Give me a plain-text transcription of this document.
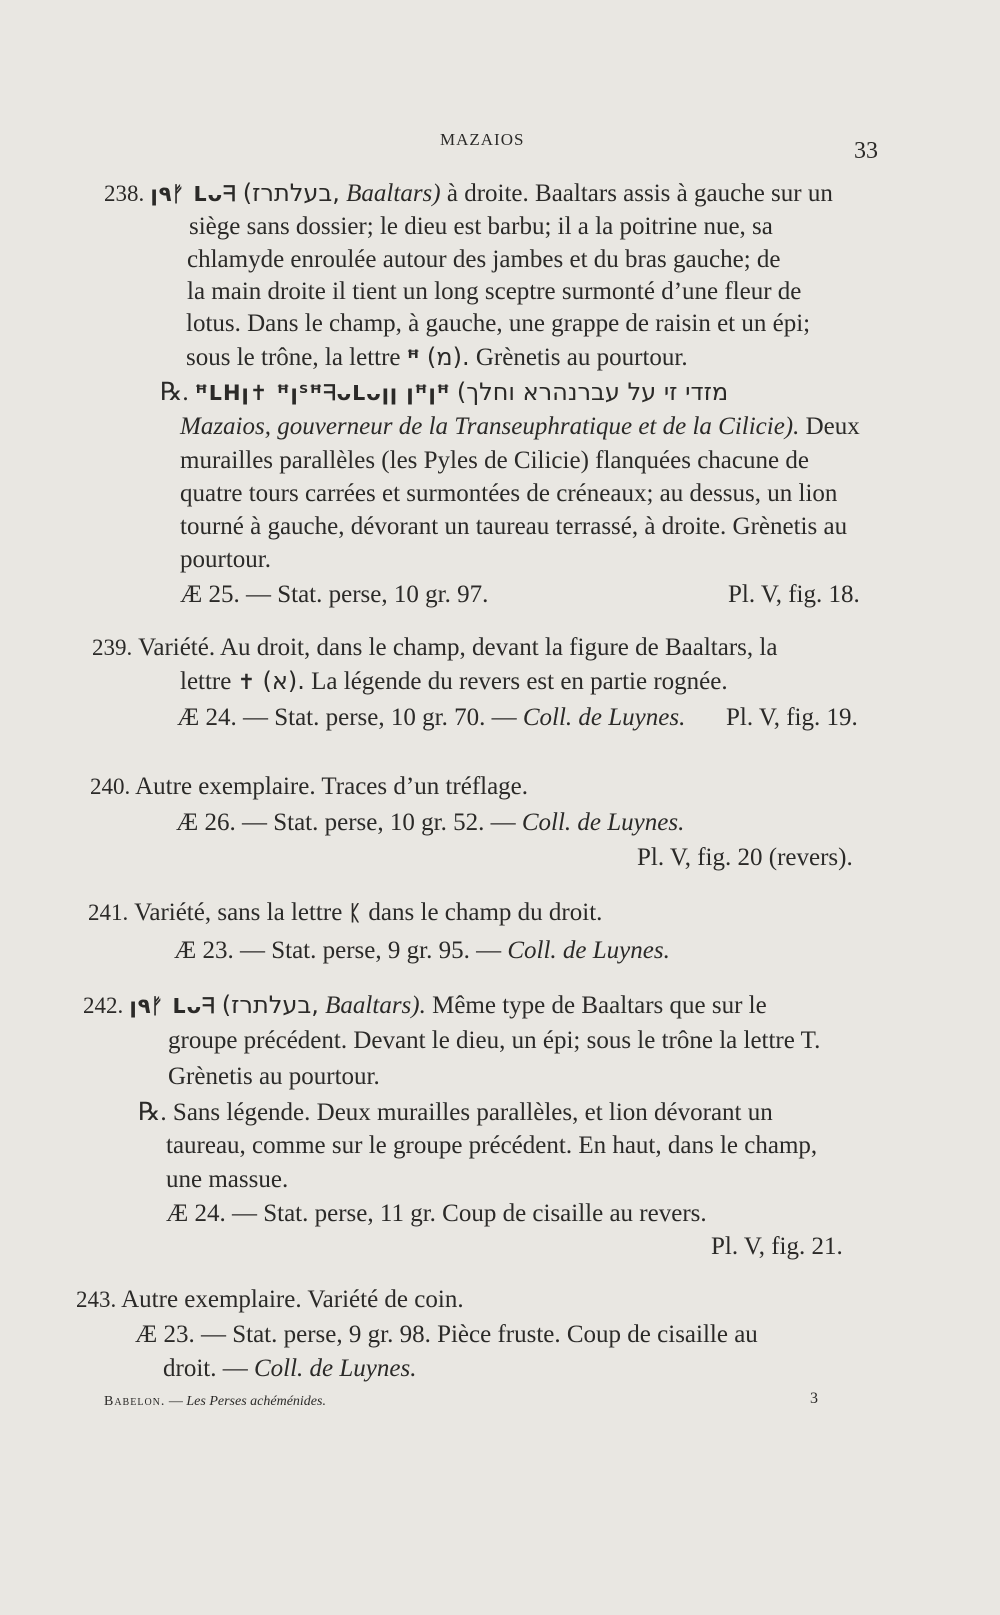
MAZAIOS	33
238. ꞁ٩ᚠ ᒪᴗᖷ (בעלתרז, Baaltars) à droite. Baaltars assis à gauche sur un
siège sans dossier; le dieu est barbu; il a la poitrine nue, sa
chlamyde enroulée autour des jambes et du bras gauche; de
la main droite il tient un long sceptre surmonté d’une fleur de
lotus. Dans le champ, à gauche, une grappe de raisin et un épi;
sous le trône, la lettre ꟸ (מ). Grènetis au pourtour.
℞. ꟸᒪHꞁ✝ ꟸꞁᔆꟸᖷᴗᒪᴗꞁꞁ ꞁꟸꞁꟸ (מזדי זי על עברנהרא וחלך
Mazaios, gouverneur de la Transeuphratique et de la Cilicie). Deux
murailles parallèles (les Pyles de Cilicie) flanquées chacune de
quatre tours carrées et surmontées de créneaux; au dessus, un lion
tourné à gauche, dévorant un taureau terrassé, à droite. Grènetis au
pourtour.
Æ 25. — Stat. perse, 10 gr. 97.	Pl. V, fig. 18.
239. Variété. Au droit, dans le champ, devant la figure de Baaltars, la
lettre ✝ (א). La légende du revers est en partie rognée.
Æ 24. — Stat. perse, 10 gr. 70. — Coll. de Luynes. Pl. V, fig. 19.
240. Autre exemplaire. Traces d’un tréflage.
Æ 26. — Stat. perse, 10 gr. 52. — Coll. de Luynes.
Pl. V, fig. 20 (revers).
241. Variété, sans la lettre ᛕ dans le champ du droit.
Æ 23. — Stat. perse, 9 gr. 95. — Coll. de Luynes.
242. ꞁ٩ᚠ ᒪᴗᖷ (בעלתרז, Baaltars). Même type de Baaltars que sur le
groupe précédent. Devant le dieu, un épi; sous le trône la lettre T.
Grènetis au pourtour.
℞. Sans légende. Deux murailles parallèles, et lion dévorant un
taureau, comme sur le groupe précédent. En haut, dans le champ,
une massue.
Æ 24. — Stat. perse, 11 gr. Coup de cisaille au revers.
Pl. V, fig. 21.
243. Autre exemplaire. Variété de coin.
Æ 23. — Stat. perse, 9 gr. 98. Pièce fruste. Coup de cisaille au
droit. — Coll. de Luynes.
Babelon. — Les Perses achéménides.	3
